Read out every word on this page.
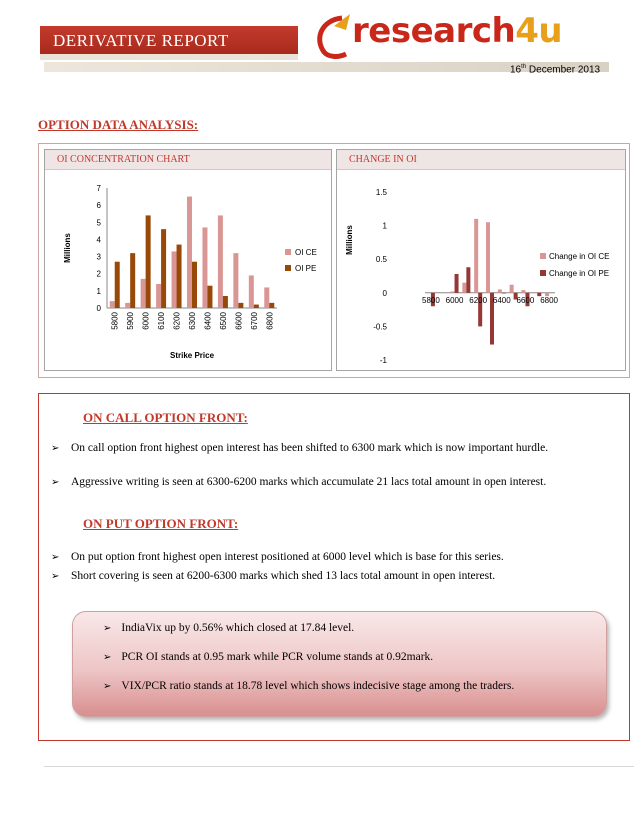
DERIVATIVE REPORT	research4u
16th December 2013
OPTION DATA ANALYSIS:
OI CONCENTRATION CHART
0
1
2
3
4
5
6
7
5800 5900 6000 6100 6200 6300 6400 6500 6600 6700 6800
Millions
Strike Price
OI CE
OI PE
CHANGE IN OI
-1
-0.5
0
0.5
1
1.5
5800 6000 6200 6400 6600 6800
Millions
Change in OI CE
Change in OI PE
ON CALL OPTION FRONT:
➢ On call option front highest open interest has been shifted to 6300 mark which is now important hurdle.
➢ Aggressive writing is seen at 6300-6200 marks which accumulate 21 lacs total amount in open interest.
ON PUT OPTION FRONT:
➢ On put option front highest open interest positioned at 6000 level which is base for this series.
➢ Short covering is seen at 6200-6300 marks which shed 13 lacs total amount in open interest.
➢ IndiaVix up by 0.56% which closed at 17.84 level.
➢ PCR OI stands at 0.95 mark while PCR volume stands at 0.92mark.
➢ VIX/PCR ratio stands at 18.78 level which shows indecisive stage among the traders.
